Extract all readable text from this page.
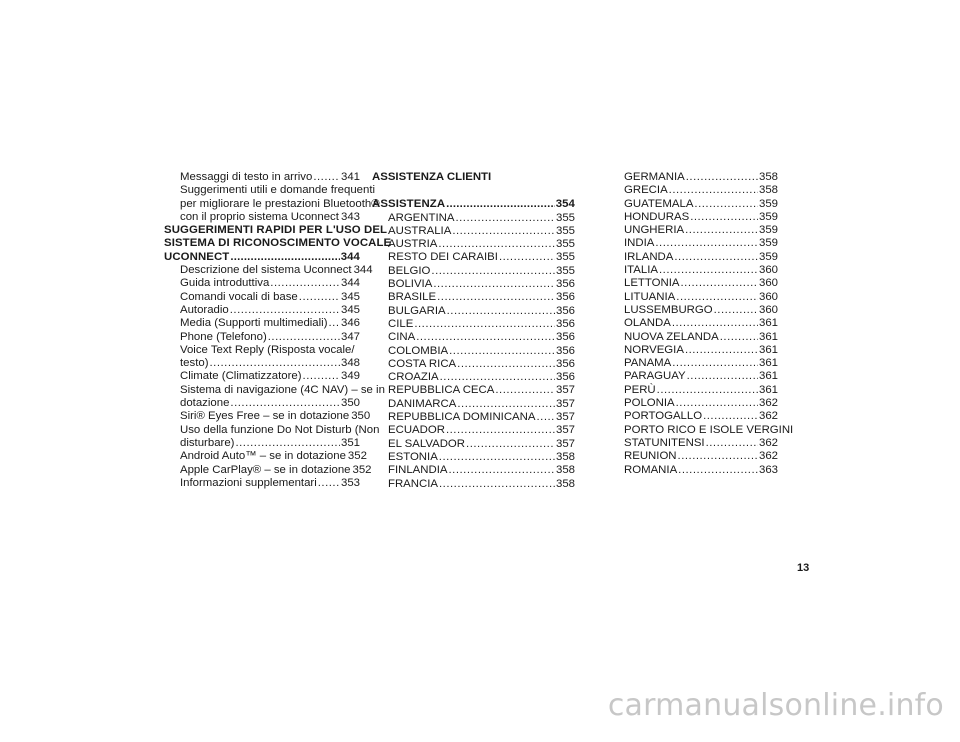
Messaggi di testo in arrivo .....	341
Suggerimenti utili e domande frequenti
per migliorare le prestazioni Bluetooth®
con il proprio sistema Uconnect ..... 343
SUGGERIMENTI RAPIDI PER L'USO DEL
SISTEMA DI RICONOSCIMENTO VOCALE
UCONNECT .....	344
Descrizione del sistema Uconnect 344
Guida introduttiva .....	344
Comandi vocali di base .....	345
Autoradio .....	345
Media (Supporti multimediali) ..... 346
Phone (Telefono) .....	347
Voice Text Reply (Risposta vocale/
testo) .....	348
Climate (Climatizzatore) .....	349
Sistema di navigazione (4C NAV) – se in
dotazione .....	350
Siri® Eyes Free – se in dotazione 350
Uso della funzione Do Not Disturb (Non
disturbare) .....	351
Android Auto™ – se in dotazione 352
Apple CarPlay® – se in dotazione 352
Informazioni supplementari ..... 353
ASSISTENZA CLIENTI
ASSISTENZA .....	354
ARGENTINA .....	355
AUSTRALIA .....	355
AUSTRIA .....	355
RESTO DEI CARAIBI .....	355
BELGIO .....	355
BOLIVIA .....	356
BRASILE .....	356
BULGARIA .....	356
CILE .....	356
CINA .....	356
COLOMBIA .....	356
COSTA RICA .....	356
CROAZIA .....	356
REPUBBLICA CECA .....	357
DANIMARCA .....	357
REPUBBLICA DOMINICANA ..... 357
ECUADOR .....	357
EL SALVADOR .....	357
ESTONIA .....	358
FINLANDIA .....	358
FRANCIA .....	358
GERMANIA .....	358
GRECIA .....	358
GUATEMALA .....	359
HONDURAS .....	359
UNGHERIA .....	359
INDIA .....	359
IRLANDA .....	359
ITALIA .....	360
LETTONIA .....	360
LITUANIA .....	360
LUSSEMBURGO .....	360
OLANDA .....	361
NUOVA ZELANDA .....	361
NORVEGIA .....	361
PANAMA .....	361
PARAGUAY .....	361
PERÙ .....	361
POLONIA .....	362
PORTOGALLO .....	362
PORTO RICO E ISOLE VERGINI
STATUNITENSI .....	362
REUNION .....	362
ROMANIA .....	363
13
carmanualsonline.info
